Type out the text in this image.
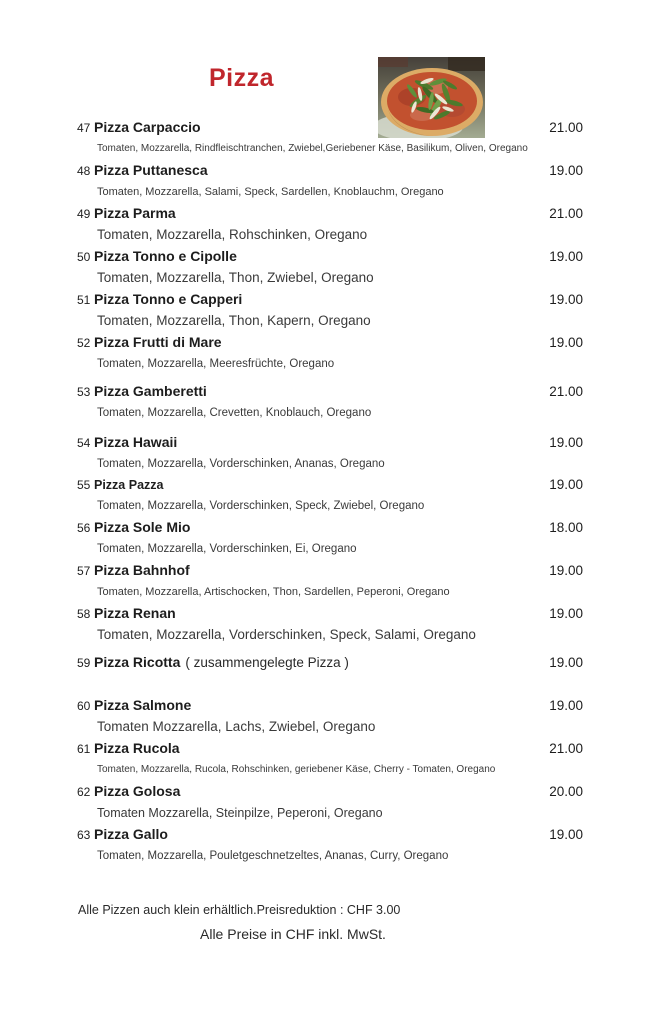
Pizza
47 Pizza Carpaccio	21.00
Tomaten, Mozzarella, Rindfleischtranchen, Zwiebel,Geriebener Käse, Basilikum, Oliven, Oregano
48 Pizza Puttanesca	19.00
Tomaten, Mozzarella, Salami, Speck, Sardellen, Knoblauchm, Oregano
49 Pizza Parma	21.00
Tomaten, Mozzarella, Rohschinken, Oregano
50 Pizza Tonno e Cipolle	19.00
Tomaten, Mozzarella, Thon, Zwiebel, Oregano
51 Pizza Tonno e Capperi	19.00
Tomaten, Mozzarella, Thon, Kapern, Oregano
52 Pizza Frutti di Mare	19.00
Tomaten, Mozzarella, Meeresfrüchte, Oregano
53 Pizza Gamberetti	21.00
Tomaten, Mozzarella, Crevetten, Knoblauch, Oregano
54 Pizza Hawaii	19.00
Tomaten, Mozzarella, Vorderschinken, Ananas, Oregano
55 Pizza Pazza	19.00
Tomaten, Mozzarella, Vorderschinken, Speck, Zwiebel, Oregano
56 Pizza Sole Mio	18.00
Tomaten, Mozzarella, Vorderschinken, Ei, Oregano
57 Pizza Bahnhof	19.00
Tomaten, Mozzarella, Artischocken, Thon, Sardellen, Peperoni, Oregano
58 Pizza Renan	19.00
Tomaten, Mozzarella, Vorderschinken, Speck, Salami, Oregano
59 Pizza Ricotta ( zusammengelegte Pizza )	19.00
60 Pizza Salmone	19.00
Tomaten Mozzarella, Lachs, Zwiebel, Oregano
61 Pizza Rucola	21.00
Tomaten, Mozzarella, Rucola, Rohschinken, geriebener Käse, Cherry - Tomaten, Oregano
62 Pizza Golosa	20.00
Tomaten Mozzarella, Steinpilze, Peperoni, Oregano
63 Pizza Gallo	19.00
Tomaten, Mozzarella, Pouletgeschnetzeltes, Ananas, Curry, Oregano
Alle Pizzen auch klein erhältlich.Preisreduktion : CHF 3.00
Alle Preise in CHF inkl. MwSt.
